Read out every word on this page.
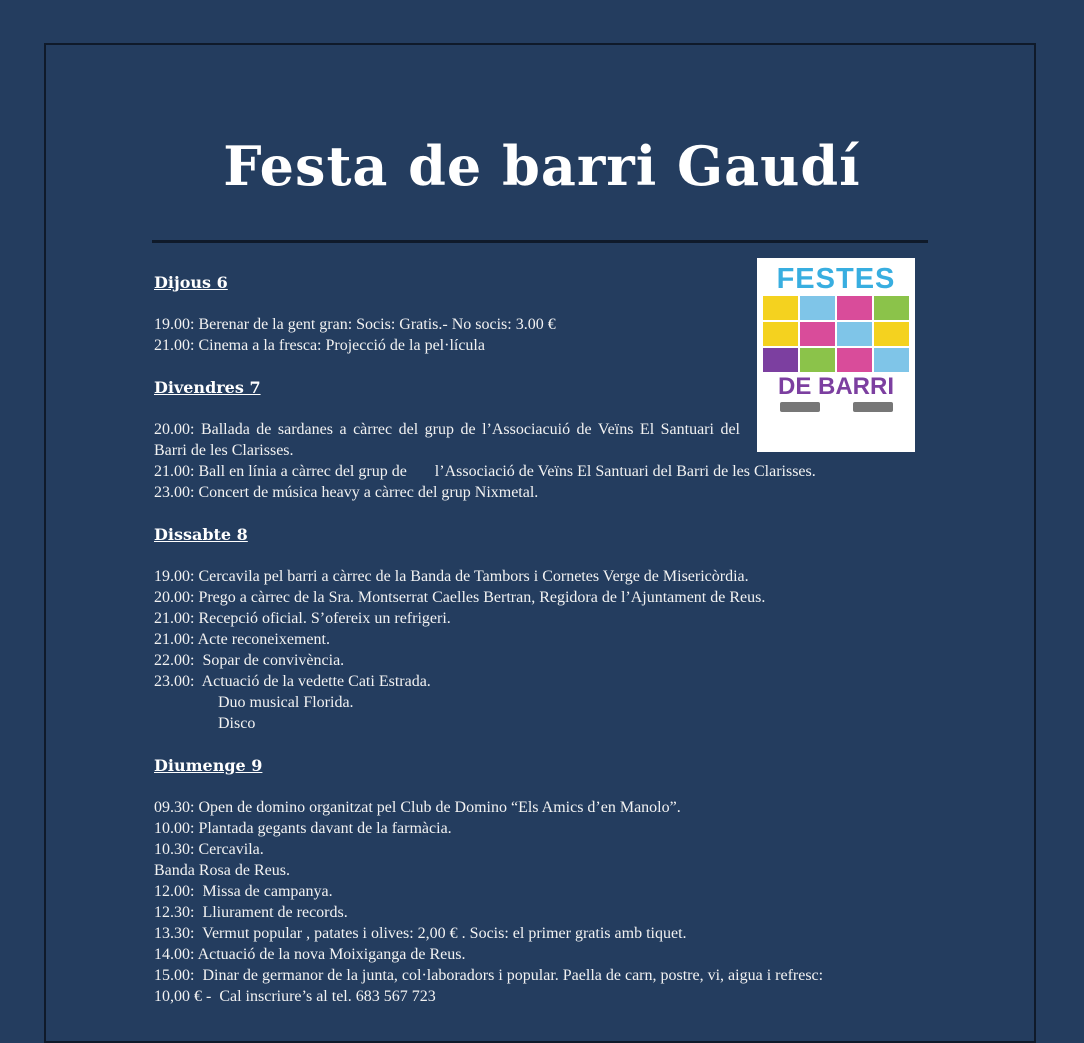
Festa de barri Gaudí
FESTES
DE BARRI
Dijous 6
19.00: Berenar de la gent gran: Socis: Gratis.- No socis: 3.00 €
21.00: Cinema a la fresca: Projecció de la pel·lícula
Divendres 7
20.00: Ballada de sardanes a càrrec del grup de l’Associacuió de Veïns El Santuari del Barri de les Clarisses.
21.00: Ball en línia a càrrec del grup de       l’Associació de Veïns El Santuari del Barri de les Clarisses.
23.00: Concert de música heavy a càrrec del grup Nixmetal.
Dissabte 8
19.00: Cercavila pel barri a càrrec de la Banda de Tambors i Cornetes Verge de Misericòrdia.
20.00: Prego a càrrec de la Sra. Montserrat Caelles Bertran, Regidora de l’Ajuntament de Reus.
21.00: Recepció oficial. S’ofereix un refrigeri.
21.00: Acte reconeixement.
22.00:  Sopar de convivència.
23.00:  Actuació de la vedette Cati Estrada.
Duo musical Florida.
Disco
Diumenge 9
09.30: Open de domino organitzat pel Club de Domino “Els Amics d’en Manolo”.
10.00: Plantada gegants davant de la farmàcia.
10.30: Cercavila.
Banda Rosa de Reus.
12.00:  Missa de campanya.
12.30:  Lliurament de records.
13.30:  Vermut popular , patates i olives: 2,00 € . Socis: el primer gratis amb tiquet.
14.00: Actuació de la nova Moixiganga de Reus.
15.00:  Dinar de germanor de la junta, col·laboradors i popular. Paella de carn, postre, vi, aigua i refresc:
10,00 € -  Cal inscriure’s al tel. 683 567 723
